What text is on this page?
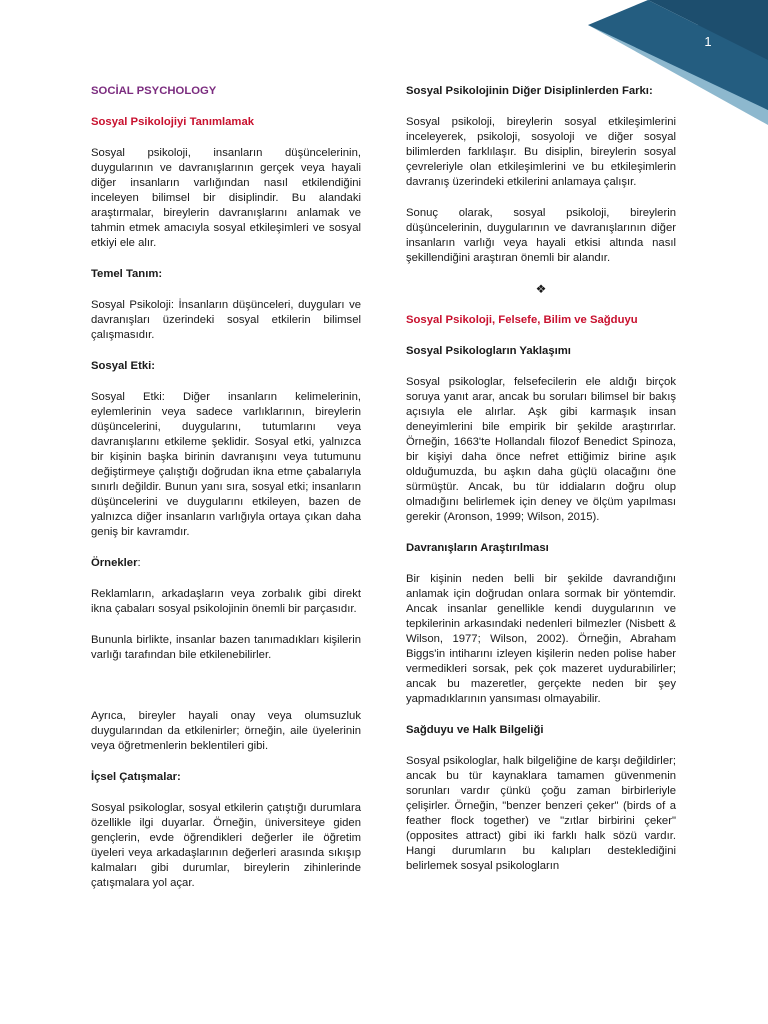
1
SOCİAL PSYCHOLOGY
Sosyal Psikolojiyi Tanımlamak

Sosyal psikoloji, insanların düşüncelerinin, duygularının ve davranışlarının gerçek veya hayali diğer insanların varlığından nasıl etkilendiğini inceleyen bilimsel bir disiplindir. Bu alandaki araştırmalar, bireylerin davranışlarını anlamak ve tahmin etmek amacıyla sosyal etkileşimleri ve sosyal etkiyi ele alır.

Temel Tanım:

Sosyal Psikoloji: İnsanların düşünceleri, duyguları ve davranışları üzerindeki sosyal etkilerin bilimsel çalışmasıdır.

Sosyal Etki:

Sosyal Etki: Diğer insanların kelimelerinin, eylemlerinin veya sadece varlıklarının, bireylerin düşüncelerini, duygularını, tutumlarını veya davranışlarını etkileme şeklidir. Sosyal etki, yalnızca bir kişinin başka birinin davranışını veya tutumunu değiştirmeye çalıştığı doğrudan ikna etme çabalarıyla sınırlı değildir. Bunun yanı sıra, sosyal etki; insanların düşüncelerini ve duygularını etkileyen, bazen de yalnızca diğer insanların varlığıyla ortaya çıkan daha geniş bir kavramdır.

Örnekler:

Reklamların, arkadaşların veya zorbalık gibi direkt ikna çabaları sosyal psikolojinin önemli bir parçasıdır.

Bununla birlikte, insanlar bazen tanımadıkları kişilerin varlığı tarafından bile etkilenebilirler.

Ayrıca, bireyler hayali onay veya olumsuzluk duygularından da etkilenirler; örneğin, aile üyelerinin veya öğretmenlerin beklentileri gibi.

İçsel Çatışmalar:

Sosyal psikologlar, sosyal etkilerin çatıştığı durumlara özellikle ilgi duyarlar. Örneğin, üniversiteye giden gençlerin, evde öğrendikleri değerler ile öğretim üyeleri veya arkadaşlarının değerleri arasında sıkışıp kalmaları gibi durumlar, bireylerin zihinlerinde çatışmalara yol açar.

Sosyal Psikolojinin Diğer Disiplinlerden Farkı:

Sosyal psikoloji, bireylerin sosyal etkileşimlerini inceleyerek, psikoloji, sosyoloji ve diğer sosyal bilimlerden farklılaşır. Bu disiplin, bireylerin sosyal çevreleriyle olan etkileşimlerini ve bu etkileşimlerin davranış üzerindeki etkilerini anlamaya çalışır.

Sonuç olarak, sosyal psikoloji, bireylerin düşüncelerinin, duygularının ve davranışlarının diğer insanların varlığı veya hayali etkisi altında nasıl şekillendiğini araştıran önemli bir alandır.

❖
Sosyal Psikoloji, Felsefe, Bilim ve Sağduyu
Sosyal Psikologların Yaklaşımı

Sosyal psikologlar, felsefecilerin ele aldığı birçok soruya yanıt arar, ancak bu soruları bilimsel bir bakış açısıyla ele alırlar. Aşk gibi karmaşık insan deneyimlerini bile empirik bir şekilde araştırırlar. Örneğin, 1663'te Hollandalı filozof Benedict Spinoza, bir kişiyi daha önce nefret ettiğimiz birine aşık olduğumuzda, bu aşkın daha güçlü olacağını öne sürmüştür. Ancak, bu tür iddiaların doğru olup olmadığını belirlemek için deney ve ölçüm yapılması gerekir (Aronson, 1999; Wilson, 2015).

Davranışların Araştırılması

Bir kişinin neden belli bir şekilde davrandığını anlamak için doğrudan onlara sormak bir yöntemdir. Ancak insanlar genellikle kendi duygularının ve tepkilerinin arkasındaki nedenleri bilmezler (Nisbett & Wilson, 1977; Wilson, 2002). Örneğin, Abraham Biggs'in intiharını izleyen kişilerin neden polise haber vermedikleri sorsak, pek çok mazeret uydurabilirler; ancak bu mazeretler, gerçekte neden bir şey yapmadıklarının yansıması olmayabilir.

Sağduyu ve Halk Bilgeliği

Sosyal psikologlar, halk bilgeliğine de karşı değildirler; ancak bu tür kaynaklara tamamen güvenmenin sorunları vardır çünkü çoğu zaman birbirleriyle çelişirler. Örneğin, "benzer benzeri çeker" (birds of a feather flock together) ve "zıtlar birbirini çeker" (opposites attract) gibi iki farklı halk sözü vardır. Hangi durumların bu kalıpları desteklediğini belirlemek sosyal psikologların
